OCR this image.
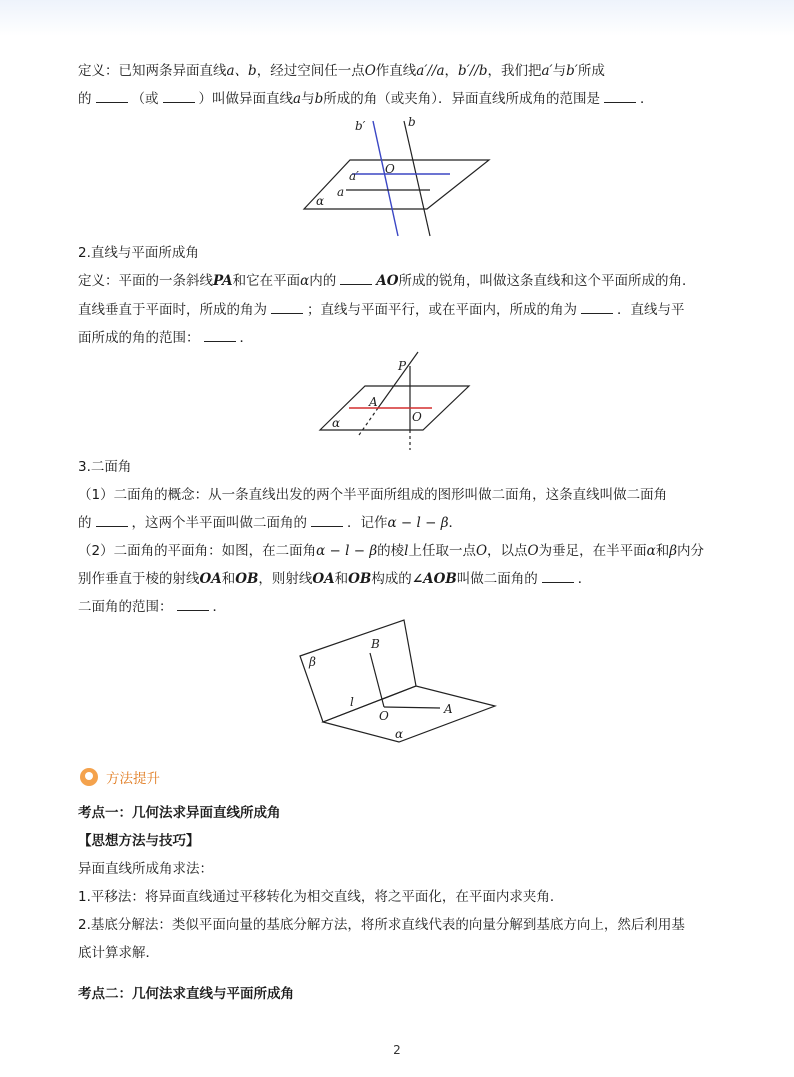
定义：已知两条异面直线a、b，经过空间任一点O作直线a′//a，b′//b，我们把a′与b′所成
的	（或	）叫做异面直线a与b所成的角（或夹角）．异面直线所成角的范围是	．
b′	b
O
a′
a
α
2.直线与平面所成角
定义：平面的一条斜线PA和它在平面α内的	AO所成的锐角，叫做这条直线和这个平面所成的角．
直线垂直于平面时，所成的角为	；直线与平面平行，或在平面内，所成的角为	．直线与平
面所成的角的范围：	．
P
A
O
α
3.二面角
（1）二面角的概念：从一条直线出发的两个半平面所组成的图形叫做二面角，这条直线叫做二面角
的	，这两个半平面叫做二面角的	．记作α − l − β．
（2）二面角的平面角：如图，在二面角α − l − β的棱l上任取一点O，以点O为垂足，在半平面α和β内分
别作垂直于棱的射线OA和OB，则射线OA和OB构成的∠AOB叫做二面角的	．
二面角的范围：	．
β
B
l
O	A
α
方法提升
考点一：几何法求异面直线所成角
【思想方法与技巧】
异面直线所成角求法：
1.平移法：将异面直线通过平移转化为相交直线，将之平面化，在平面内求夹角．
2.基底分解法：类似平面向量的基底分解方法，将所求直线代表的向量分解到基底方向上，然后利用基
底计算求解．
考点二：几何法求直线与平面所成角
2
